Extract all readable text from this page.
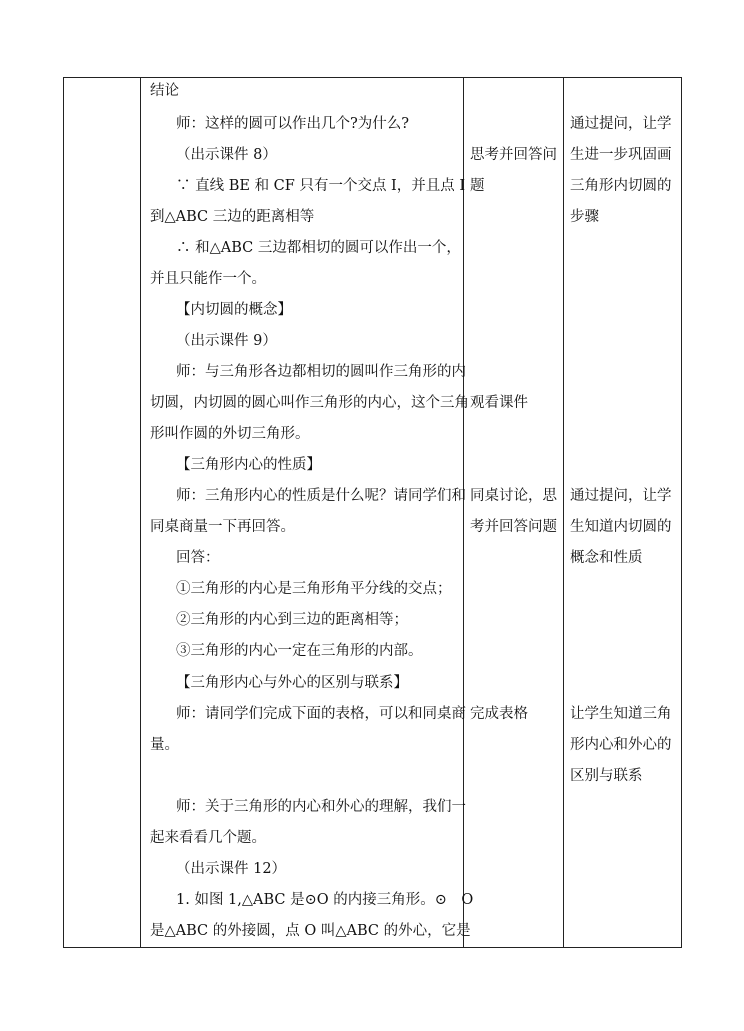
结论
师：这样的圆可以作出几个?为什么?
（出示课件 8）
∵ 直线 BE 和 CF 只有一个交点 I，并且点 I
到△ABC 三边的距离相等
∴ 和△ABC 三边都相切的圆可以作出一个，
并且只能作一个。
【内切圆的概念】
（出示课件 9）
师：与三角形各边都相切的圆叫作三角形的内
切圆，内切圆的圆心叫作三角形的内心，这个三角
形叫作圆的外切三角形。
【三角形内心的性质】
师：三角形内心的性质是什么呢？请同学们和
同桌商量一下再回答。
回答：
①三角形的内心是三角形角平分线的交点；
②三角形的内心到三边的距离相等；
③三角形的内心一定在三角形的内部。
【三角形内心与外心的区别与联系】
师：请同学们完成下面的表格，可以和同桌商
量。
师：关于三角形的内心和外心的理解，我们一
起来看看几个题。
（出示课件 12）
1. 如图 1,△ABC 是⊙O 的内接三角形。⊙　O
是△ABC 的外接圆，点 O 叫△ABC 的外心，它是
思考并回答问
题
观看课件
同桌讨论，思
考并回答问题
完成表格
通过提问，让学
生进一步巩固画
三角形内切圆的
步骤
通过提问，让学
生知道内切圆的
概念和性质
让学生知道三角
形内心和外心的
区别与联系
